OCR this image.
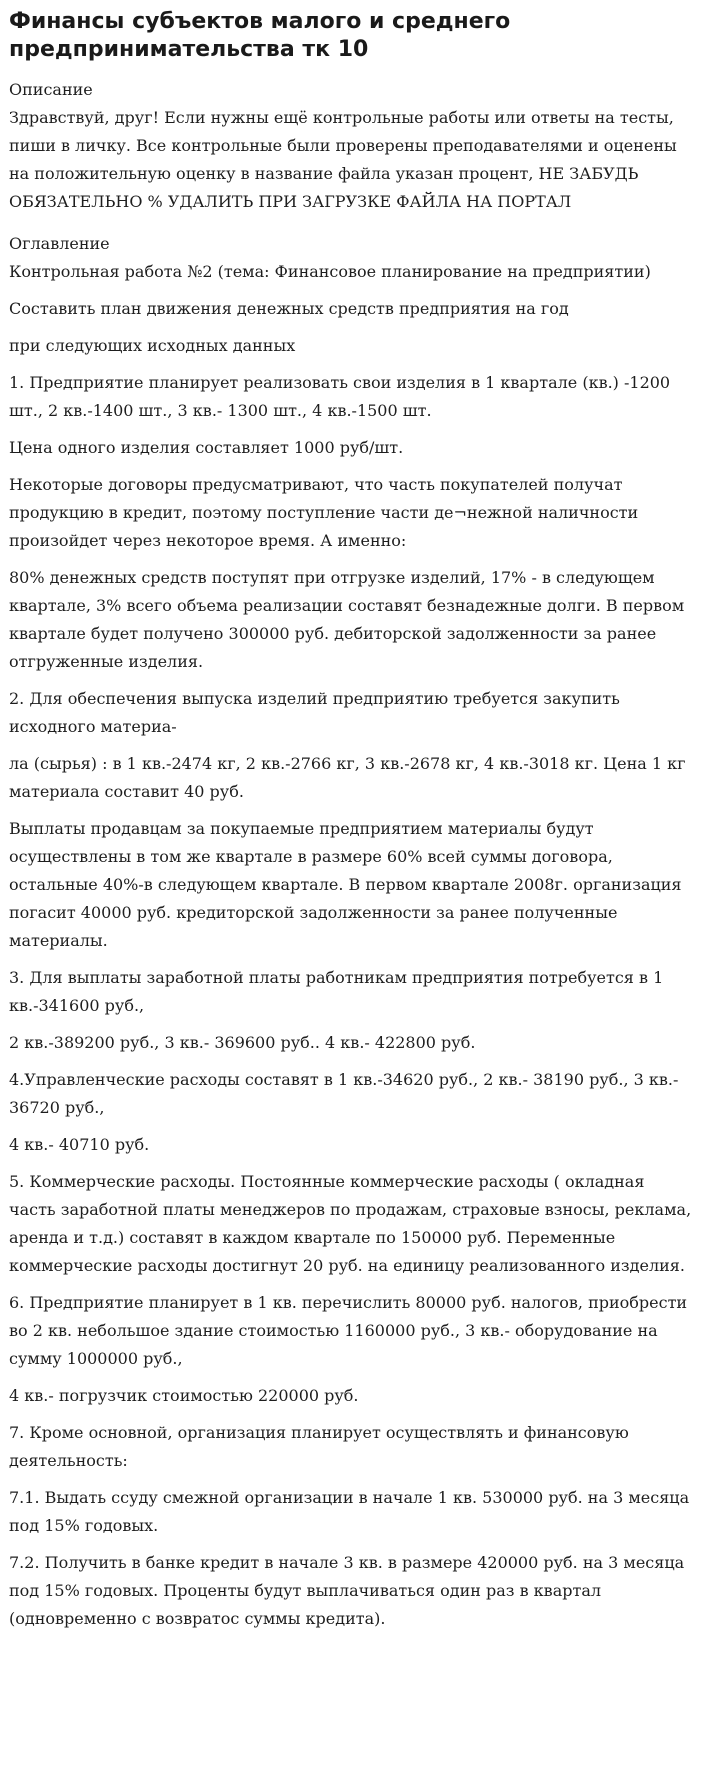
Финансы субъектов малого и среднего предпринимательства тк 10

Описание

Здравствуй, друг! Если нужны ещё контрольные работы или ответы на тесты, пиши в личку. Все контрольные были проверены преподавателями и оценены на положительную оценку в название файла указан процент, НЕ ЗАБУДЬ ОБЯЗАТЕЛЬНО % УДАЛИТЬ ПРИ ЗАГРУЗКЕ ФАЙЛА НА ПОРТАЛ

Оглавление

Контрольная работа №2 (тема: Финансовое планирование на предприятии)

Составить план движения денежных средств предприятия на год

при следующих исходных данных

1. Предприятие планирует реализовать свои изделия в 1 квартале (кв.) -1200 шт., 2 кв.-1400 шт., 3 кв.- 1300 шт., 4 кв.-1500 шт.

Цена одного изделия составляет 1000 руб/шт.

Некоторые договоры предусматривают, что часть покупателей получат продукцию в кредит, поэтому поступление части де¬нежной наличности произойдет через некоторое время. А именно:

80% денежных средств поступят при отгрузке изделий, 17% - в следующем квартале, 3% всего объема реализации составят безнадежные долги. В первом квартале будет получено 300000 руб. дебиторской задолженности за ранее отгруженные изделия.

2. Для обеспечения выпуска изделий предприятию требуется закупить исходного материа-

ла (сырья) : в 1 кв.-2474 кг, 2 кв.-2766 кг, 3 кв.-2678 кг, 4 кв.-3018 кг. Цена 1 кг материала составит 40 руб.

Выплаты продавцам за покупаемые предприятием материалы будут осуществлены в том же квартале в размере 60% всей суммы договора, остальные 40%-в следующем квартале. В первом квартале 2008г. организация погасит 40000 руб. кредиторской задолженности за ранее полученные материалы.

3. Для выплаты заработной платы работникам предприятия потребуется в 1 кв.-341600 руб.,

2 кв.-389200 руб., 3 кв.- 369600 руб.. 4 кв.- 422800 руб.

4.Управленческие расходы составят в 1 кв.-34620 руб., 2 кв.- 38190 руб., 3 кв.- 36720 руб.,

4 кв.- 40710 руб.

5. Коммерческие расходы. Постоянные коммерческие расходы ( окладная часть заработной платы менеджеров по продажам, страховые взносы, реклама, аренда и т.д.) составят в каждом квартале по 150000 руб. Переменные коммерческие расходы достигнут 20 руб. на единицу реализованного изделия.

6. Предприятие планирует в 1 кв. перечислить 80000 руб. налогов, приобрести во 2 кв. небольшое здание стоимостью 1160000 руб., 3 кв.- оборудование на сумму 1000000 руб.,

4 кв.- погрузчик стоимостью 220000 руб.

7. Кроме основной, организация планирует осуществлять и финансовую деятельность:

7.1. Выдать ссуду смежной организации в начале 1 кв. 530000 руб. на 3 месяца под 15% годовых.

7.2. Получить в банке кредит в начале 3 кв. в размере 420000 руб. на 3 месяца под 15% годовых. Проценты будут выплачиваться один раз в квартал (одновременно с возвратос суммы кредита).
